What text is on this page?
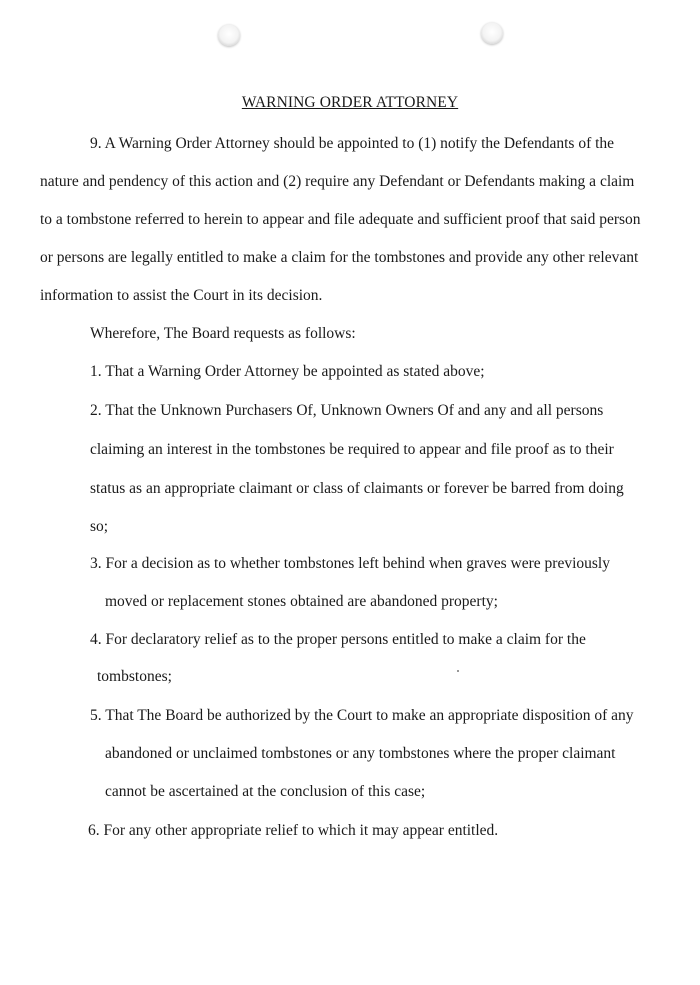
WARNING ORDER ATTORNEY
9. A Warning Order Attorney should be appointed to (1) notify the Defendants of the
nature and pendency of this action and (2) require any Defendant or Defendants making a claim
to a tombstone referred to herein to appear and file adequate and sufficient proof that said person
or persons are legally entitled to make a claim for the tombstones and provide any other relevant
information to assist the Court in its decision.
Wherefore, The Board requests as follows:
1. That a Warning Order Attorney be appointed as stated above;
2. That the Unknown Purchasers Of, Unknown Owners Of and any and all persons
claiming an interest in the tombstones be required to appear and file proof as to their
status as an appropriate claimant or class of claimants or forever be barred from doing
so;
3. For a decision as to whether tombstones left behind when graves were previously
moved or replacement stones obtained are abandoned property;
4. For declaratory relief as to the proper persons entitled to make a claim for the
tombstones;
5. That The Board be authorized by the Court to make an appropriate disposition of any
abandoned or unclaimed tombstones or any tombstones where the proper claimant
cannot be ascertained at the conclusion of this case;
6. For any other appropriate relief to which it may appear entitled.
